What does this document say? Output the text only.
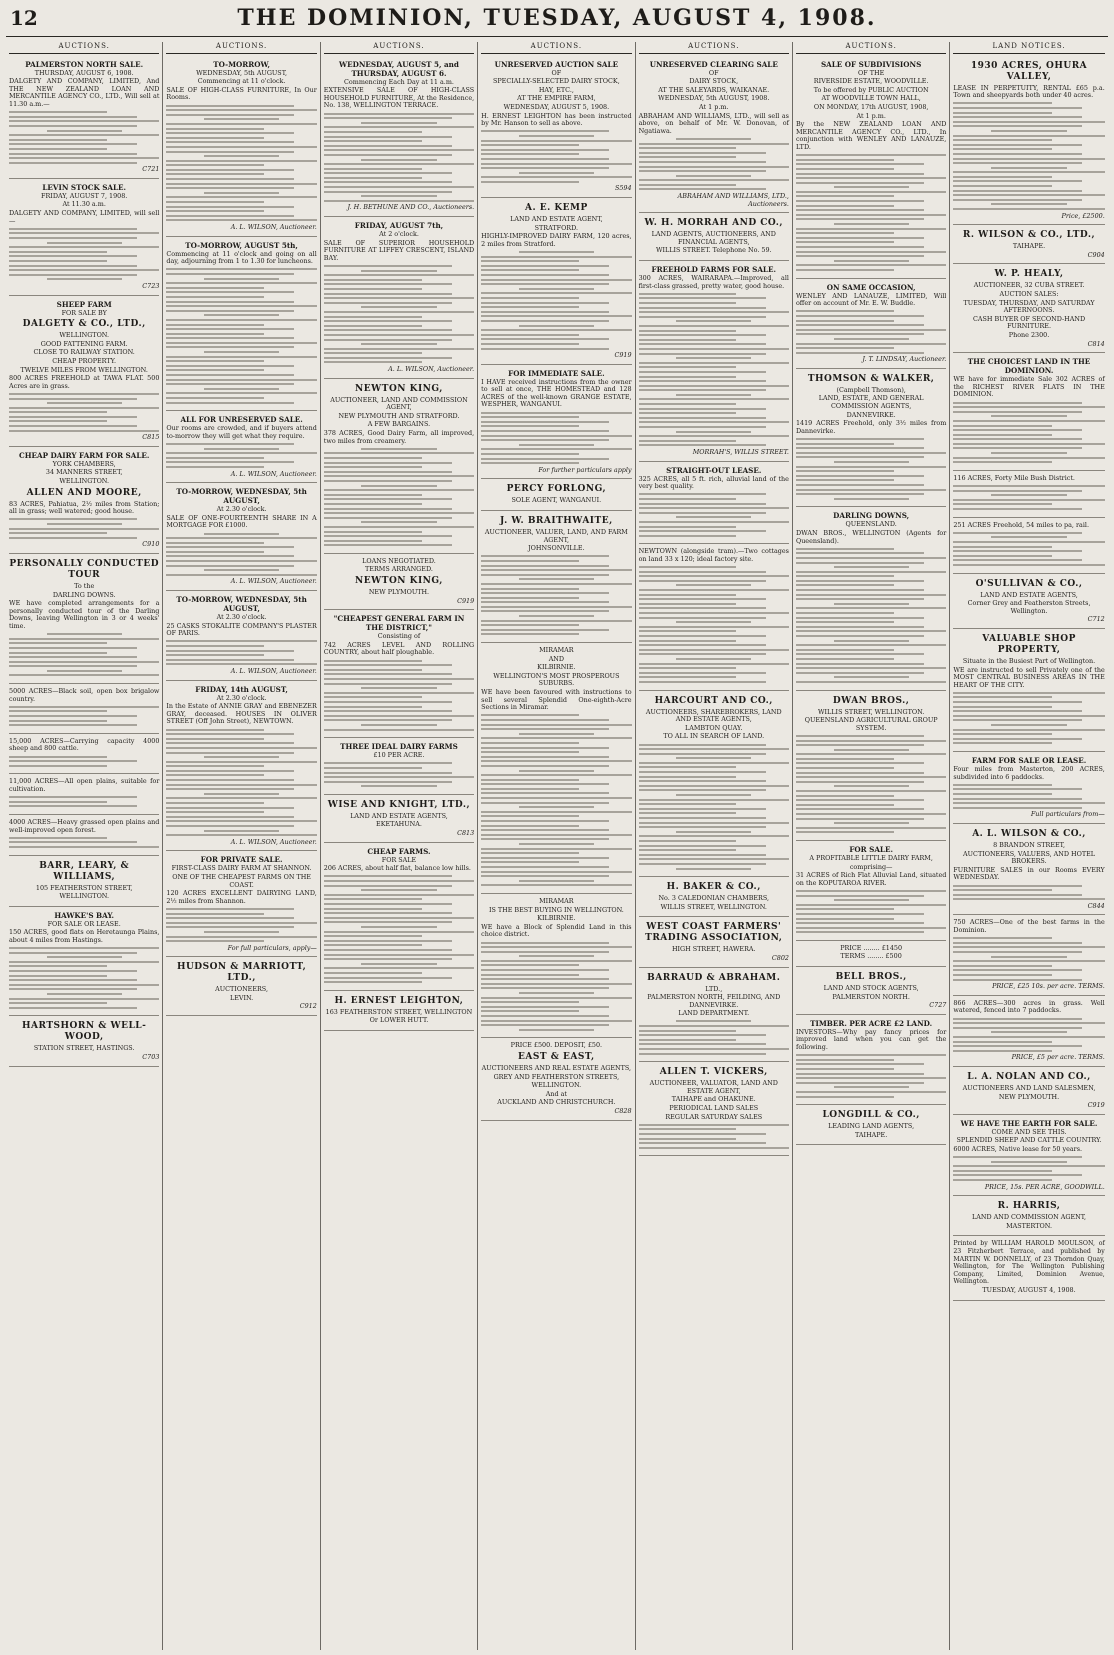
12	THE DOMINION, TUESDAY, AUGUST 4, 1908.
AUCTIONS.
PALMERSTON NORTH SALE.
THURSDAY, AUGUST 6, 1908.

DALGETY AND COMPANY, LIMITED, And THE NEW ZEALAND LOAN AND MERCANTILE AGENCY CO., LTD., Will sell at 11.30 a.m.—

C721
LEVIN STOCK SALE.
FRIDAY, AUGUST 7, 1908.
At 11.30 a.m.

DALGETY AND COMPANY, LIMITED, will sell—

C723
SHEEP FARM
FOR SALE BY
DALGETY & CO., LTD.,
WELLINGTON.
GOOD FATTENING FARM.
CLOSE TO RAILWAY STATION.
CHEAP PROPERTY.
TWELVE MILES FROM WELLINGTON.

800 ACRES FREEHOLD at TAWA FLAT. 500 Acres are in grass.

C815
CHEAP DAIRY FARM FOR SALE.
YORK CHAMBERS,
34 MANNERS STREET,
WELLINGTON.
ALLEN AND MOORE,

83 ACRES, Pahiatua, 2½ miles from Station; all in grass; well watered; good house.

C910
PERSONALLY CONDUCTED TOUR
To the
DARLING DOWNS.

WE have completed arrangements for a personally conducted tour of the Darling Downs, leaving Wellington in 3 or 4 weeks' time.

5000 ACRES—Black soil, open box brigalow country.

15,000 ACRES—Carrying capacity 4000 sheep and 800 cattle.

11,000 ACRES—All open plains, suitable for cultivation.

4000 ACRES—Heavy grassed open plains and well-improved open forest.

BARR, LEARY, & WILLIAMS,
105 FEATHERSTON STREET,
WELLINGTON.
HAWKE'S BAY.
FOR SALE OR LEASE.

150 ACRES, good flats on Heretaunga Plains, about 4 miles from Hastings.

HARTSHORN & WELL-WOOD,
STATION STREET, HASTINGS.
C703
AUCTIONS.
TO-MORROW,
WEDNESDAY, 5th AUGUST,
Commencing at 11 o'clock.

SALE OF HIGH-CLASS FURNITURE, In Our Rooms.

A. L. WILSON, Auctioneer.
TO-MORROW, AUGUST 5th,

Commencing at 11 o'clock and going on all day, adjourning from 1 to 1.30 for luncheons.

ALL FOR UNRESERVED SALE.

Our rooms are crowded, and if buyers attend to-morrow they will get what they require.

A. L. WILSON, Auctioneer.
TO-MORROW, WEDNESDAY, 5th AUGUST,
At 2.30 o'clock.

SALE OF ONE-FOURTEENTH SHARE IN A MORTGAGE FOR £1000.

A. L. WILSON, Auctioneer.
TO-MORROW, WEDNESDAY, 5th AUGUST,
At 2.30 o'clock.

25 CASKS STOKALITE COMPANY'S PLASTER OF PARIS.

A. L. WILSON, Auctioneer.
FRIDAY, 14th AUGUST,
At 2.30 o'clock.

In the Estate of ANNIE GRAY and EBENEZER GRAY, deceased. HOUSES IN OLIVER STREET (Off John Street), NEWTOWN.

A. L. WILSON, Auctioneer.
FOR PRIVATE SALE.
FIRST-CLASS DAIRY FARM AT SHANNON.
ONE OF THE CHEAPEST FARMS ON THE COAST.

120 ACRES EXCELLENT DAIRYING LAND, 2½ miles from Shannon.

For full particulars, apply—
HUDSON & MARRIOTT, LTD.,
AUCTIONEERS,
LEVIN.
C912
AUCTIONS.
WEDNESDAY, AUGUST 5, and THURSDAY, AUGUST 6.
Commencing Each Day at 11 a.m.

EXTENSIVE SALE OF HIGH-CLASS HOUSEHOLD FURNITURE, At the Residence, No. 138, WELLINGTON TERRACE.

J. H. BETHUNE AND CO., Auctioneers.
FRIDAY, AUGUST 7th,
At 2 o'clock.

SALE OF SUPERIOR HOUSEHOLD FURNITURE AT LIFFEY CRESCENT, ISLAND BAY.

A. L. WILSON, Auctioneer.
NEWTON KING,
AUCTIONEER, LAND AND COMMISSION AGENT,
NEW PLYMOUTH AND STRATFORD.
A FEW BARGAINS.

378 ACRES, Good Dairy Farm, all improved, two miles from creamery.

LOANS NEGOTIATED.
TERMS ARRANGED.
NEWTON KING,
NEW PLYMOUTH.
C919
"CHEAPEST GENERAL FARM IN THE DISTRICT,"
Consisting of

742 ACRES LEVEL AND ROLLING COUNTRY, about half ploughable.

THREE IDEAL DAIRY FARMS
£10 PER ACRE.
WISE AND KNIGHT, LTD.,
LAND AND ESTATE AGENTS,
EKETAHUNA.
C813
CHEAP FARMS.
FOR SALE

206 ACRES, about half flat, balance low hills.

H. ERNEST LEIGHTON,
163 FEATHERSTON STREET, WELLINGTON
Or LOWER HUTT.
AUCTIONS.
UNRESERVED AUCTION SALE
OF
SPECIALLY-SELECTED DAIRY STOCK,
HAY, ETC.,
AT THE EMPIRE FARM,
WEDNESDAY, AUGUST 5, 1908.

H. ERNEST LEIGHTON has been instructed by Mr. Hanson to sell as above.

S594
A. E. KEMP
LAND AND ESTATE AGENT,
STRATFORD.

HIGHLY-IMPROVED DAIRY FARM, 120 acres, 2 miles from Stratford.

C919
FOR IMMEDIATE SALE.

I HAVE received instructions from the owner to sell at once, THE HOMESTEAD and 128 ACRES of the well-known GRANGE ESTATE, WESPHER, WANGANUI.

For further particulars apply
PERCY FORLONG,
SOLE AGENT, WANGANUI.
J. W. BRAITHWAITE,
AUCTIONEER, VALUER, LAND, AND FARM AGENT,
JOHNSONVILLE.
MIRAMAR
AND
KILBIRNIE.
WELLINGTON'S MOST PROSPEROUS SUBURBS.

WE have been favoured with instructions to sell several Splendid One-eighth-Acre Sections in Miramar.

MIRAMAR
IS THE BEST BUYING IN WELLINGTON.
KILBIRNIE.

WE have a Block of Splendid Land in this choice district.

PRICE £500. DEPOSIT, £50.
EAST & EAST,
AUCTIONEERS AND REAL ESTATE AGENTS,
GREY AND FEATHERSTON STREETS,
WELLINGTON.
And at
AUCKLAND AND CHRISTCHURCH.
C828
AUCTIONS.
UNRESERVED CLEARING SALE
OF
DAIRY STOCK,
AT THE SALEYARDS, WAIKANAE.
WEDNESDAY, 5th AUGUST, 1908.
At 1 p.m.

ABRAHAM AND WILLIAMS, LTD., will sell as above, on behalf of Mr. W. Donovan, of Ngatiawa.

ABRAHAM AND WILLIAMS, LTD., Auctioneers.
W. H. MORRAH AND CO.,
LAND AGENTS, AUCTIONEERS, AND FINANCIAL AGENTS,
WILLIS STREET. Telephone No. 59.
FREEHOLD FARMS FOR SALE.

300 ACRES, WAIRARAPA.—Improved, all first-class grassed, pretty water, good house.

MORRAH'S, WILLIS STREET.
STRAIGHT-OUT LEASE.

325 ACRES, all 5 ft. rich, alluvial land of the very best quality.

NEWTOWN (alongside tram).—Two cottages on land 33 x 120; ideal factory site.

HARCOURT AND CO.,
AUCTIONEERS, SHAREBROKERS, LAND AND ESTATE AGENTS,
LAMBTON QUAY.
TO ALL IN SEARCH OF LAND.
H. BAKER & CO.,
No. 3 CALEDONIAN CHAMBERS,
WILLIS STREET, WELLINGTON.
WEST COAST FARMERS' TRADING ASSOCIATION,
HIGH STREET, HAWERA.
C802
BARRAUD & ABRAHAM.
LTD.,
PALMERSTON NORTH, FEILDING, AND DANNEVIRKE.
LAND DEPARTMENT.
ALLEN T. VICKERS,
AUCTIONEER, VALUATOR, LAND AND ESTATE AGENT,
TAIHAPE and OHAKUNE.
PERIODICAL LAND SALES
REGULAR SATURDAY SALES
AUCTIONS.
SALE OF SUBDIVISIONS
OF THE
RIVERSIDE ESTATE, WOODVILLE.
To be offered by PUBLIC AUCTION
AT WOODVILLE TOWN HALL,
ON MONDAY, 17th AUGUST, 1908,
At 1 p.m.

By the NEW ZEALAND LOAN AND MERCANTILE AGENCY CO., LTD., In conjunction with WENLEY AND LANAUZE, LTD.

ON SAME OCCASION,

WENLEY AND LANAUZE, LIMITED, Will offer on account of Mr. E. W. Buddle.

J. T. LINDSAY, Auctioneer.
THOMSON & WALKER,
(Campbell Thomson),
LAND, ESTATE, AND GENERAL COMMISSION AGENTS,
DANNEVIRKE.

1419 ACRES Freehold, only 3½ miles from Dannevirke.

DARLING DOWNS,
QUEENSLAND.

DWAN BROS., WELLINGTON (Agents for Queensland).

DWAN BROS.,
WILLIS STREET, WELLINGTON.
QUEENSLAND AGRICULTURAL GROUP SYSTEM.
FOR SALE.
A PROFITABLE LITTLE DAIRY FARM,
comprising—

31 ACRES of Rich Flat Alluvial Land, situated on the KOPUTAROA RIVER.

PRICE ........ £1450
TERMS ........ £500
BELL BROS.,
LAND AND STOCK AGENTS,
PALMERSTON NORTH.
C727
TIMBER. PER ACRE £2 LAND.

INVESTORS—Why pay fancy prices for improved land when you can get the following.

LONGDILL & CO.,
LEADING LAND AGENTS,
TAIHAPE.
LAND NOTICES.
1930 ACRES, OHURA VALLEY,

LEASE IN PERPETUITY, RENTAL £65 p.a. Town and sheepyards both under 40 acres.

Price, £2500.
R. WILSON & CO., LTD.,
TAIHAPE.
C904
W. P. HEALY,
AUCTIONEER, 32 CUBA STREET.
AUCTION SALES:
TUESDAY, THURSDAY, AND SATURDAY AFTERNOONS.
CASH BUYER OF SECOND-HAND FURNITURE.
Phone 2300.
C814
THE CHOICEST LAND IN THE DOMINION.

WE have for immediate Sale 302 ACRES of the RICHEST RIVER FLATS IN THE DOMINION.

116 ACRES, Forty Mile Bush District.

251 ACRES Freehold, 54 miles to pa, rail.

O'SULLIVAN & CO.,
LAND AND ESTATE AGENTS,
Corner Grey and Featherston Streets, Wellington.
C712
VALUABLE SHOP PROPERTY,
Situate in the Busiest Part of Wellington.

WE are instructed to sell Privately one of the MOST CENTRAL BUSINESS AREAS IN THE HEART OF THE CITY.

FARM FOR SALE OR LEASE.

Four miles from Masterton, 200 ACRES, subdivided into 6 paddocks.

Full particulars from—
A. L. WILSON & CO.,
8 BRANDON STREET,
AUCTIONEERS, VALUERS, AND HOTEL BROKERS.

FURNITURE SALES in our Rooms EVERY WEDNESDAY.

C844

750 ACRES—One of the best farms in the Dominion.

PRICE, £25 10s. per acre. TERMS.

866 ACRES—300 acres in grass. Well watered, fenced into 7 paddocks.

PRICE, £5 per acre. TERMS.
L. A. NOLAN AND CO.,
AUCTIONEERS AND LAND SALESMEN,
NEW PLYMOUTH.
C919
WE HAVE THE EARTH FOR SALE.
COME AND SEE THIS.
SPLENDID SHEEP AND CATTLE COUNTRY.

6000 ACRES, Native lease for 50 years.

PRICE, 15s. PER ACRE, GOODWILL.
R. HARRIS,
LAND AND COMMISSION AGENT,
MASTERTON.

Printed by WILLIAM HAROLD MOULSON, of 23 Fitzherbert Terrace, and published by MARTIN W. DONNELLY, of 23 Thorndon Quay, Wellington, for The Wellington Publishing Company, Limited, Dominion Avenue, Wellington.

TUESDAY, AUGUST 4, 1908.
